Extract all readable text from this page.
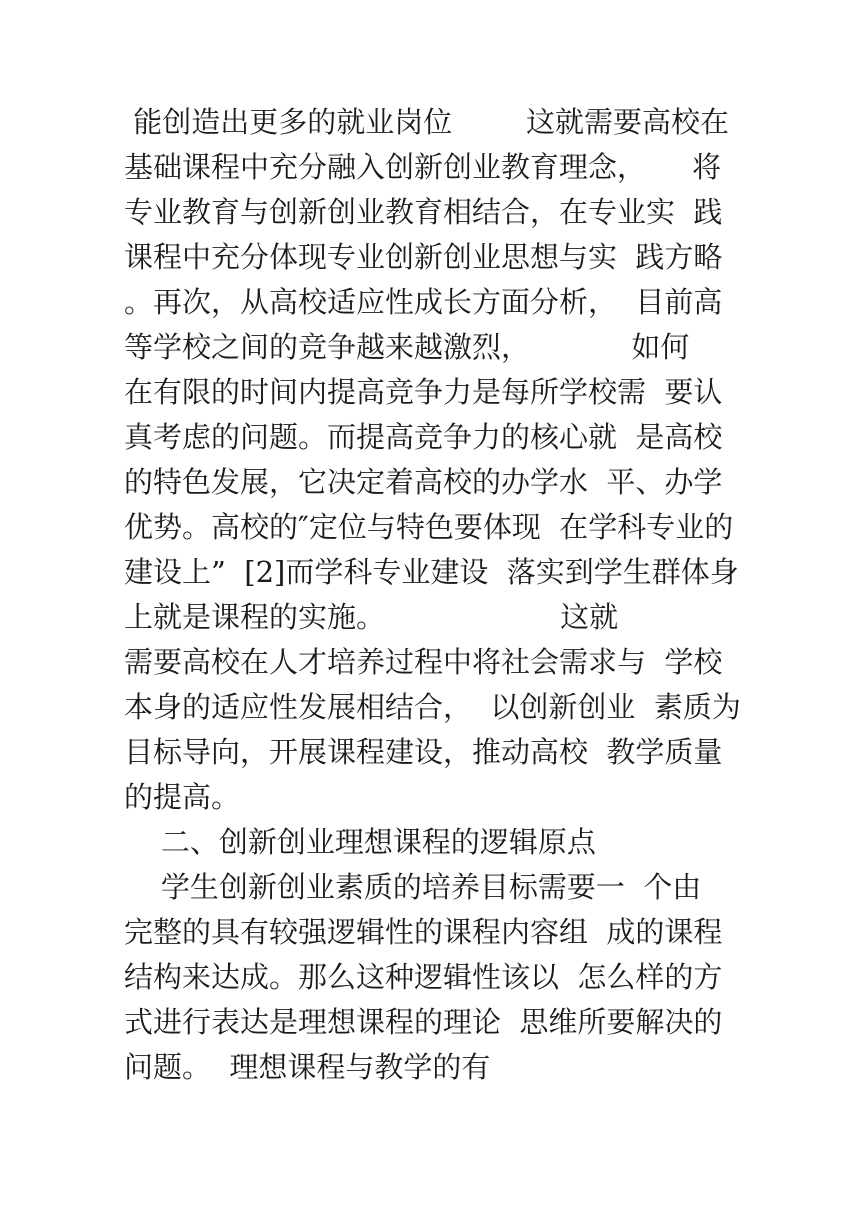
能创造出更多的就业岗位        这就需要高校在
基础课程中充分融入创新创业教育理念，     将
专业教育与创新创业教育相结合，在专业实  践
课程中充分体现专业创新创业思想与实  践方略
。再次，从高校适应性成长方面分析，  目前高
等学校之间的竞争越来越激烈，           如何
在有限的时间内提高竞争力是每所学校需  要认
真考虑的问题。而提高竞争力的核心就  是高校
的特色发展，它决定着高校的办学水  平、办学
优势。高校的″定位与特色要体现  在学科专业的
建设上”  [2]而学科专业建设  落实到学生群体身
上就是课程的实施。                   这就
需要高校在人才培养过程中将社会需求与  学校
本身的适应性发展相结合，  以创新创业  素质为
目标导向，开展课程建设，推动高校  教学质量
的提高。
二、创新创业理想课程的逻辑原点
学生创新创业素质的培养目标需要一  个由
完整的具有较强逻辑性的课程内容组  成的课程
结构来达成。那么这种逻辑性该以  怎么样的方
式进行表达是理想课程的理论  思维所要解决的
问题。  理想课程与教学的有
